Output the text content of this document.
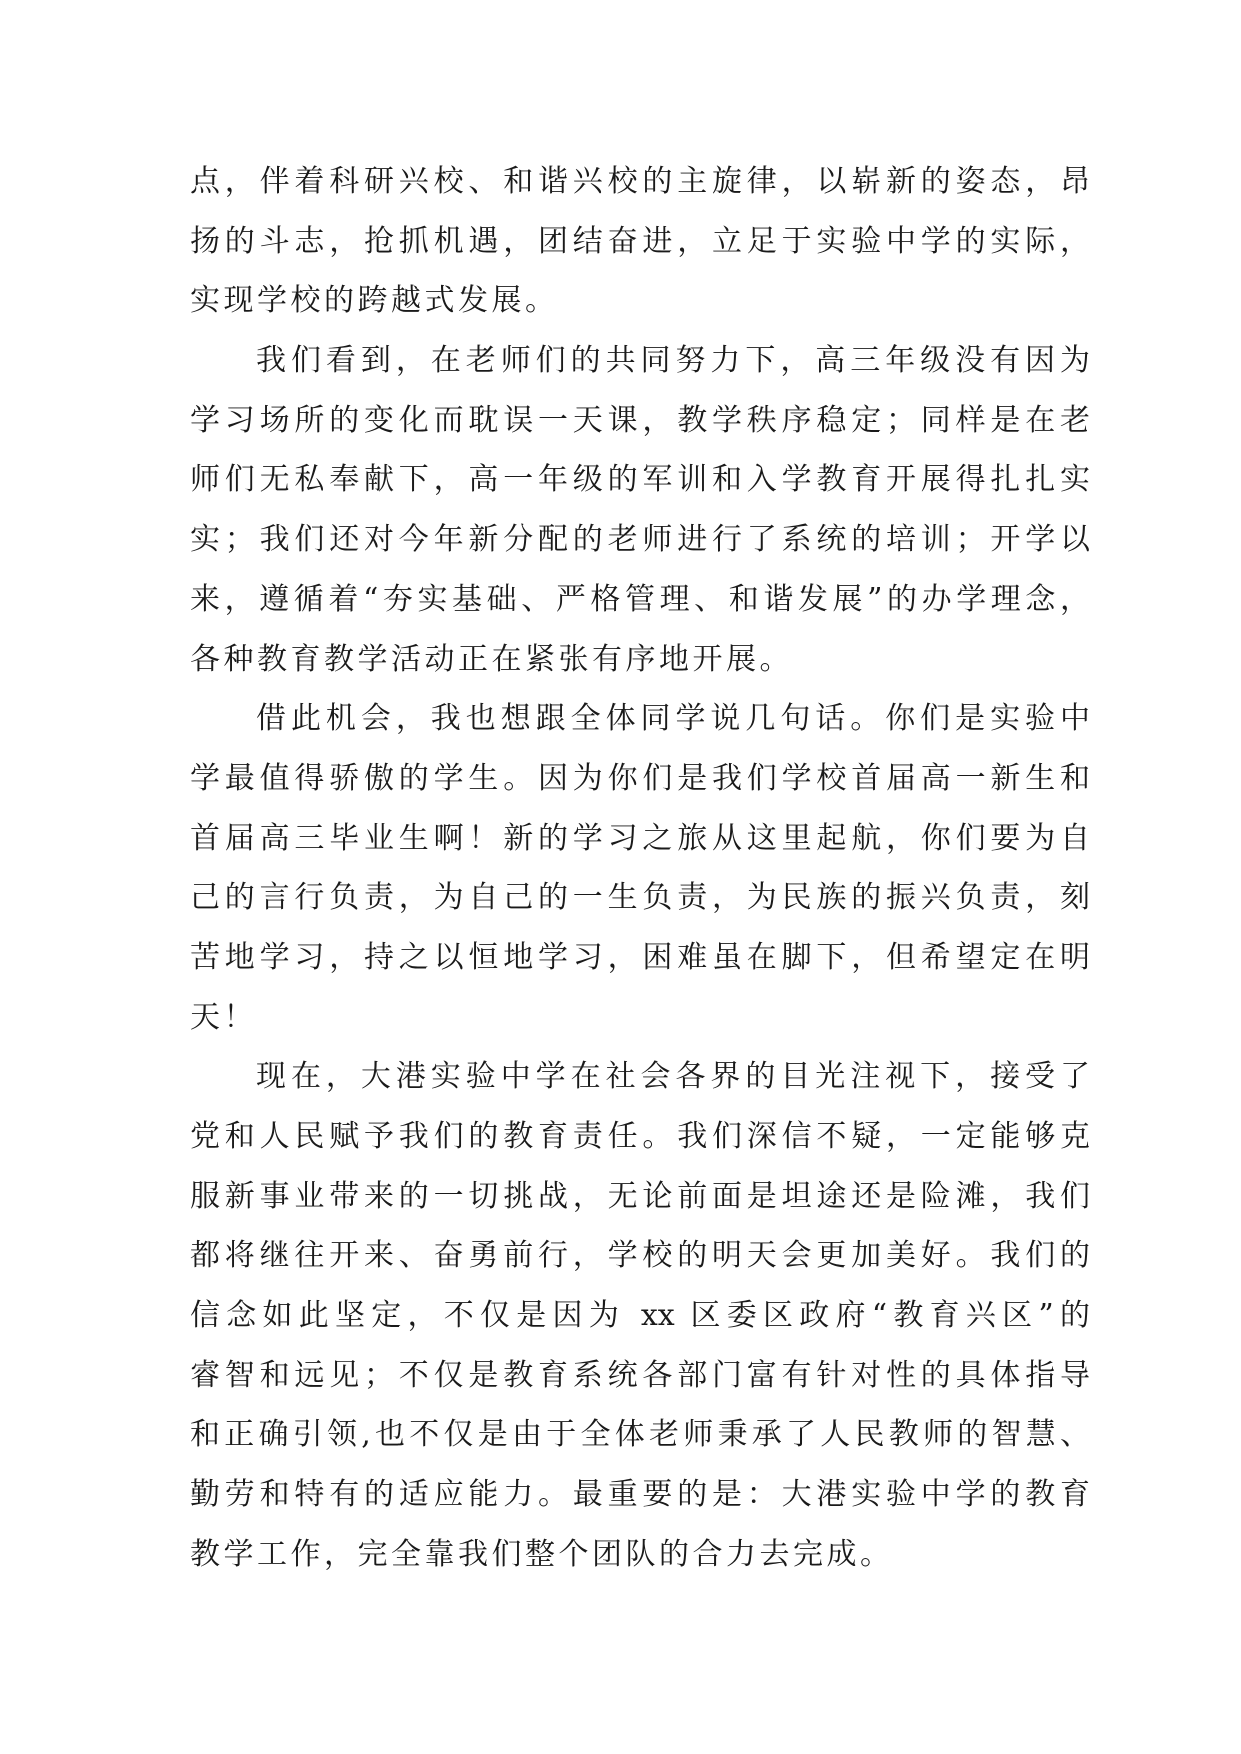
点，伴着科研兴校、和谐兴校的主旋律，以崭新的姿态，昂
扬的斗志，抢抓机遇，团结奋进，立足于实验中学的实际，
实现学校的跨越式发展。
我们看到，在老师们的共同努力下，高三年级没有因为
学习场所的变化而耽误一天课，教学秩序稳定；同样是在老
师们无私奉献下，高一年级的军训和入学教育开展得扎扎实
实；我们还对今年新分配的老师进行了系统的培训；开学以
来，遵循着“夯实基础、严格管理、和谐发展”的办学理念，
各种教育教学活动正在紧张有序地开展。
借此机会，我也想跟全体同学说几句话。你们是实验中
学最值得骄傲的学生。因为你们是我们学校首届高一新生和
首届高三毕业生啊！新的学习之旅从这里起航，你们要为自
己的言行负责，为自己的一生负责，为民族的振兴负责，刻
苦地学习，持之以恒地学习，困难虽在脚下，但希望定在明
天！
现在，大港实验中学在社会各界的目光注视下，接受了
党和人民赋予我们的教育责任。我们深信不疑，一定能够克
服新事业带来的一切挑战，无论前面是坦途还是险滩，我们
都将继往开来、奋勇前行，学校的明天会更加美好。我们的
信念如此坚定，不仅是因为 xx 区委区政府“教育兴区”的
睿智和远见；不仅是教育系统各部门富有针对性的具体指导
和正确引领,也不仅是由于全体老师秉承了人民教师的智慧、
勤劳和特有的适应能力。最重要的是：大港实验中学的教育
教学工作，完全靠我们整个团队的合力去完成。
